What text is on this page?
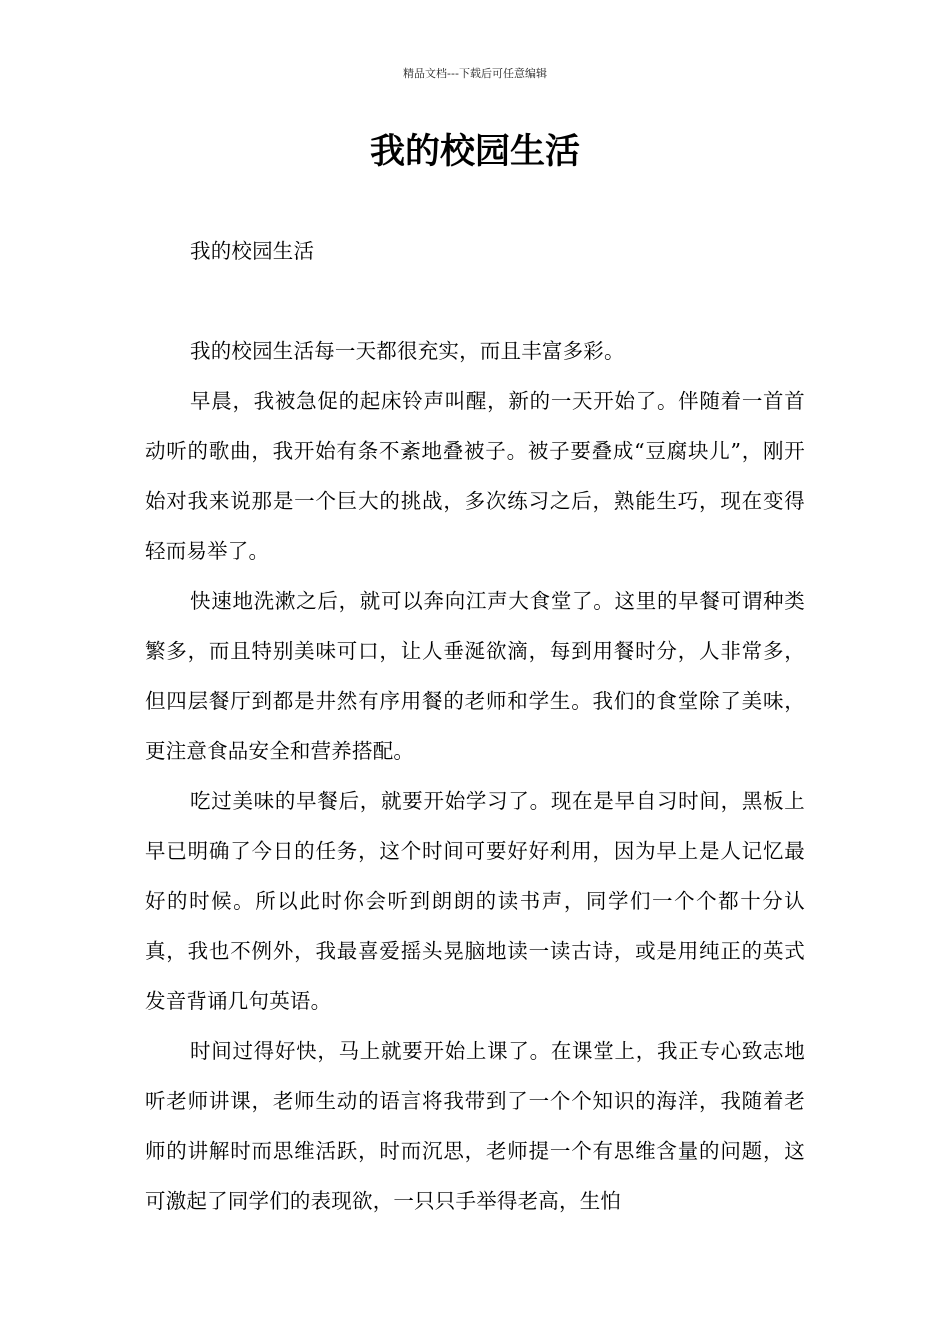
精品文档---下载后可任意编辑
我的校园生活

我的校园生活

我的校园生活每一天都很充实，而且丰富多彩。

早晨，我被急促的起床铃声叫醒，新的一天开始了。伴随着一首首动听的歌曲，我开始有条不紊地叠被子。被子要叠成“豆腐块儿”，刚开始对我来说那是一个巨大的挑战，多次练习之后，熟能生巧，现在变得轻而易举了。

快速地洗漱之后，就可以奔向江声大食堂了。这里的早餐可谓种类繁多，而且特别美味可口，让人垂涎欲滴，每到用餐时分，人非常多，但四层餐厅到都是井然有序用餐的老师和学生。我们的食堂除了美味，更注意食品安全和营养搭配。

吃过美味的早餐后，就要开始学习了。现在是早自习时间，黑板上早已明确了今日的任务，这个时间可要好好利用，因为早上是人记忆最好的时候。所以此时你会听到朗朗的读书声，同学们一个个都十分认真，我也不例外，我最喜爱摇头晃脑地读一读古诗，或是用纯正的英式发音背诵几句英语。

时间过得好快，马上就要开始上课了。在课堂上，我正专心致志地听老师讲课，老师生动的语言将我带到了一个个知识的海洋，我随着老师的讲解时而思维活跃，时而沉思，老师提一个有思维含量的问题，这可激起了同学们的表现欲，一只只手举得老高，生怕
